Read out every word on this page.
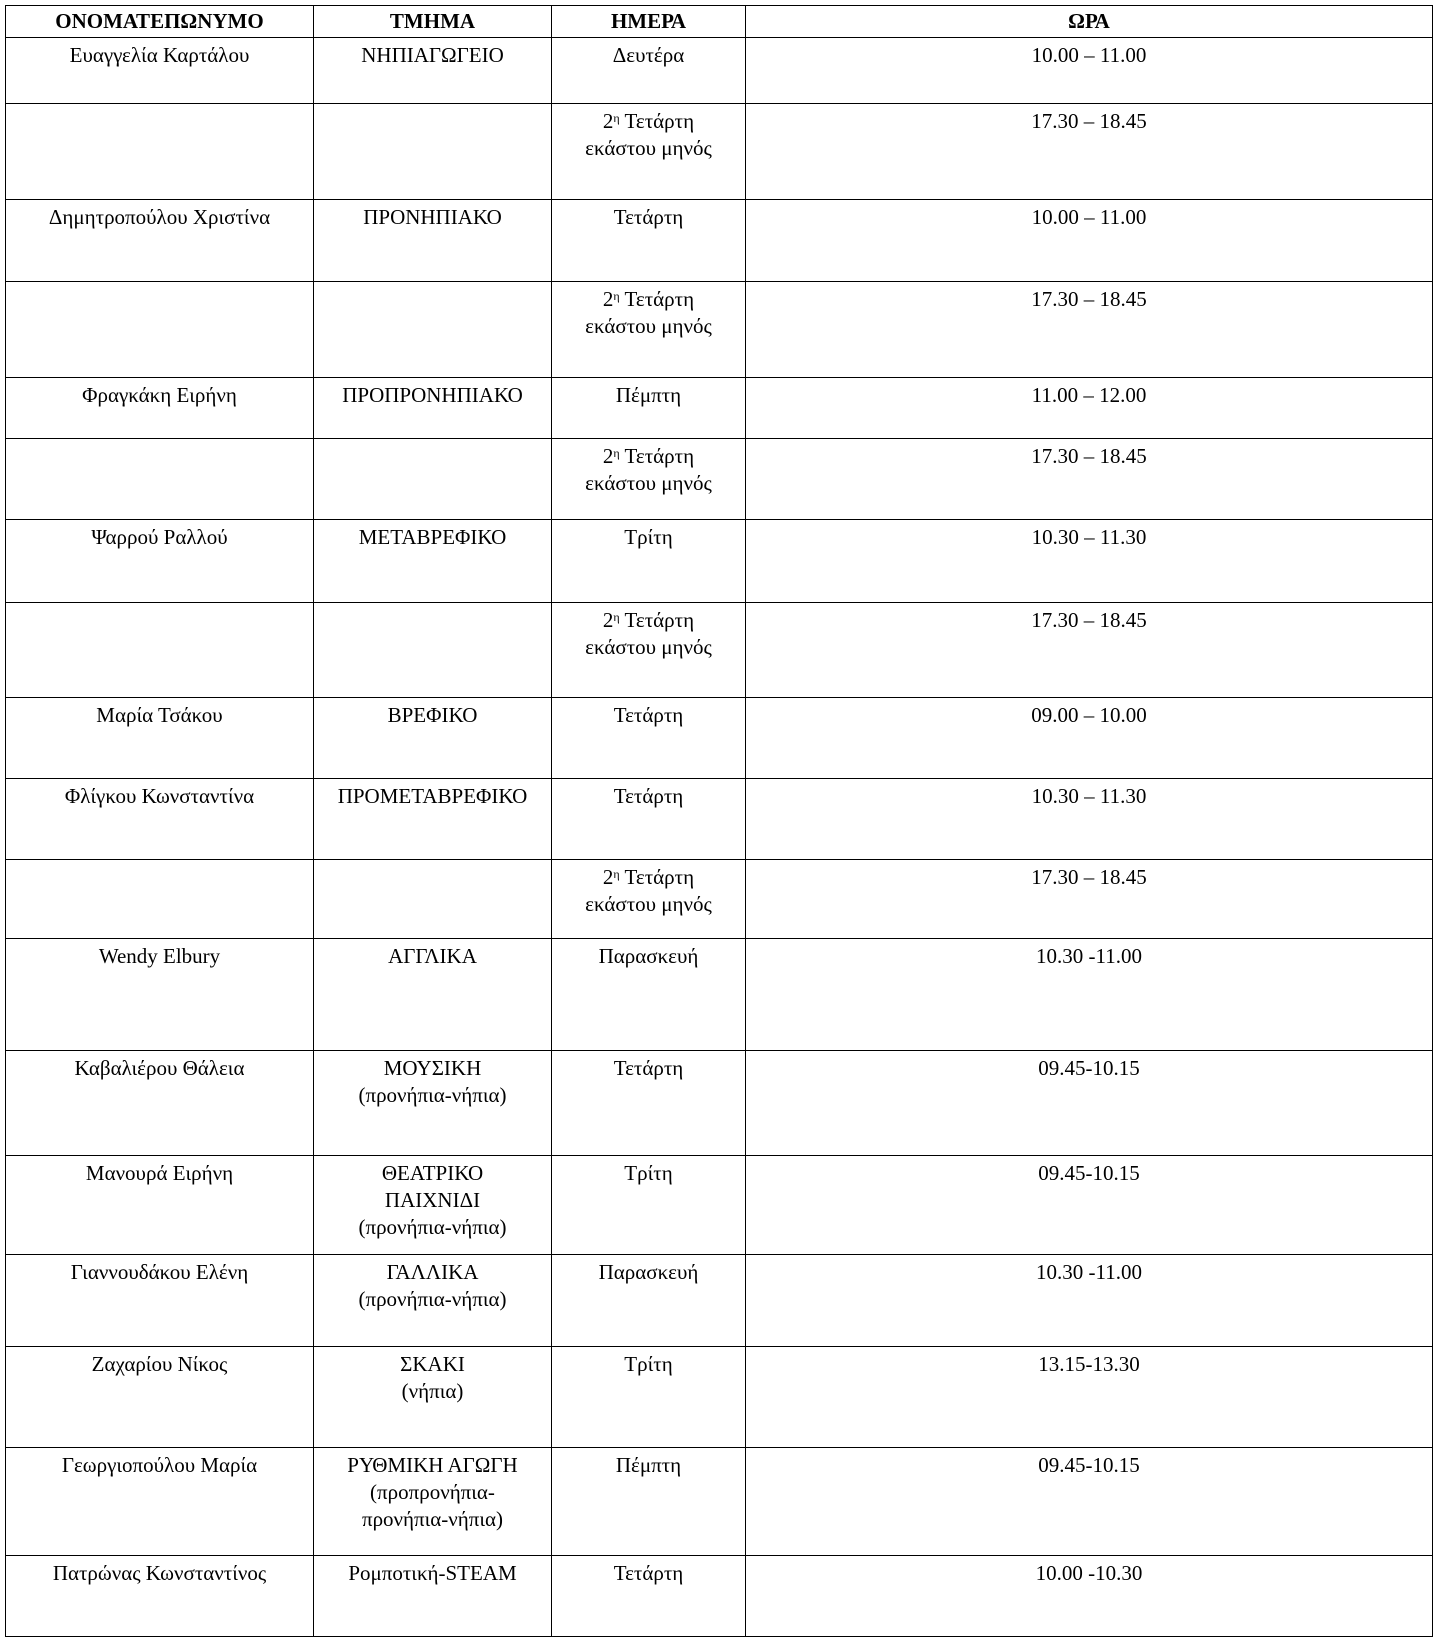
ΟΝΟΜΑΤΕΠΩΝΥΜΟ	ΤΜΗΜΑ	ΗΜΕΡΑ	ΩΡΑ

Ευαγγελία Καρτάλου	ΝΗΠΙΑΓΩΓΕΙΟ	Δευτέρα	10.00 – 11.00

		$2^\eta$ Τετάρτη
εκάστου μηνός	17.30 – 18.45

Δημητροπούλου Χριστίνα	ΠΡΟΝΗΠΙΑΚΟ	Τετάρτη	10.00 – 11.00

		$2^\eta$ Τετάρτη
εκάστου μηνός	17.30 – 18.45

Φραγκάκη Ειρήνη	ΠΡΟΠΡΟΝΗΠΙΑΚΟ	Πέμπτη	11.00 – 12.00

		$2^\eta$ Τετάρτη
εκάστου μηνός	17.30 – 18.45

Ψαρρού Ραλλού	ΜΕΤΑΒΡΕΦΙΚΟ	Τρίτη	10.30 – 11.30

		$2^\eta$ Τετάρτη
εκάστου μηνός	17.30 – 18.45

Μαρία Τσάκου	ΒΡΕΦΙΚΟ	Τετάρτη	09.00 – 10.00

Φλίγκου Κωνσταντίνα	ΠΡΟΜΕΤΑΒΡΕΦΙΚΟ	Τετάρτη	10.30 – 11.30

		$2^\eta$ Τετάρτη
εκάστου μηνός	17.30 – 18.45

Wendy Elbury	ΑΓΓΛΙΚΑ	Παρασκευή	10.30 -11.00

Καβαλιέρου Θάλεια	ΜΟΥΣΙΚΗ
(προνήπια-νήπια)	Τετάρτη	09.45-10.15

Μανουρά Ειρήνη	ΘΕΑΤΡΙΚΟ
ΠΑΙΧΝΙΔΙ
(προνήπια-νήπια)	Τρίτη	09.45-10.15

Γιαννουδάκου Ελένη	ΓΑΛΛΙΚΑ
(προνήπια-νήπια)	Παρασκευή	10.30 -11.00

Ζαχαρίου Νίκος	ΣΚΑΚΙ
(νήπια)	Τρίτη	13.15-13.30

Γεωργιοπούλου Μαρία	ΡΥΘΜΙΚΗ ΑΓΩΓΗ
(προπρονήπια-
προνήπια-νήπια)	Πέμπτη	09.45-10.15

Πατρώνας Κωνσταντίνος	Ρομποτική-STEAM	Τετάρτη	10.00 -10.30
